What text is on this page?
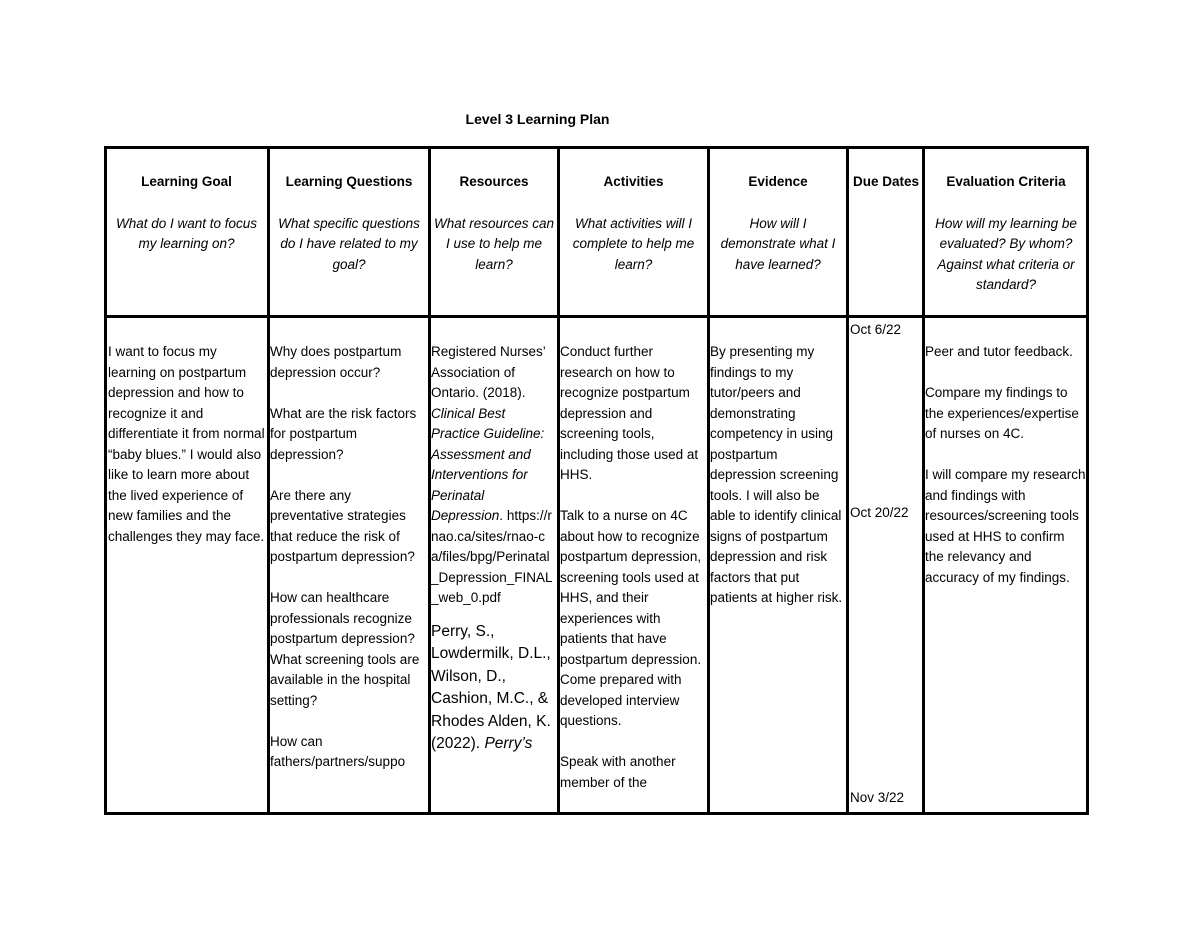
Level 3 Learning Plan
Learning Goal
What do I want to focus my learning on?
Learning Questions
What specific questions do I have related to my goal?
Resources
What resources can I use to help me learn?
Activities
What activities will I complete to help me learn?
Evidence
How will I demonstrate what I have learned?
Due Dates	Evaluation Criteria
How will my learning be evaluated? By whom? Against what criteria or standard?

I want to focus my learning on postpartum depression and how to recognize it and differentiate it from normal “baby blues.” I would also like to learn more about the lived experience of new families and the challenges they may face.

Why does postpartum depression occur?

What are the risk factors for postpartum depression?

Are there any preventative strategies that reduce the risk of postpartum depression?

How can healthcare professionals recognize postpartum depression? What screening tools are available in the hospital setting?

How can fathers/partners/suppo

Registered Nurses’ Association of Ontario. (2018). Clinical Best Practice Guideline: Assessment and Interventions for Perinatal Depression. https://rnao.ca/sites/rnao-ca/files/bpg/Perinatal_Depression_FINAL_web_0.pdf

Perry, S., Lowdermilk, D.L., Wilson, D., Cashion, M.C., & Rhodes Alden, K. (2022). Perry’s

Conduct further research on how to recognize postpartum depression and screening tools, including those used at HHS.

Talk to a nurse on 4C about how to recognize postpartum depression, screening tools used at HHS, and their experiences with patients that have postpartum depression. Come prepared with developed interview questions.

Speak with another member of the

By presenting my findings to my tutor/peers and demonstrating competency in using postpartum depression screening tools. I will also be able to identify clinical signs of postpartum depression and risk factors that put patients at higher risk.

Oct 6/22
Oct 20/22
Nov 3/22

Peer and tutor feedback.

Compare my findings to the experiences/expertise of nurses on 4C.

I will compare my research and findings with resources/screening tools used at HHS to confirm the relevancy and accuracy of my findings.
